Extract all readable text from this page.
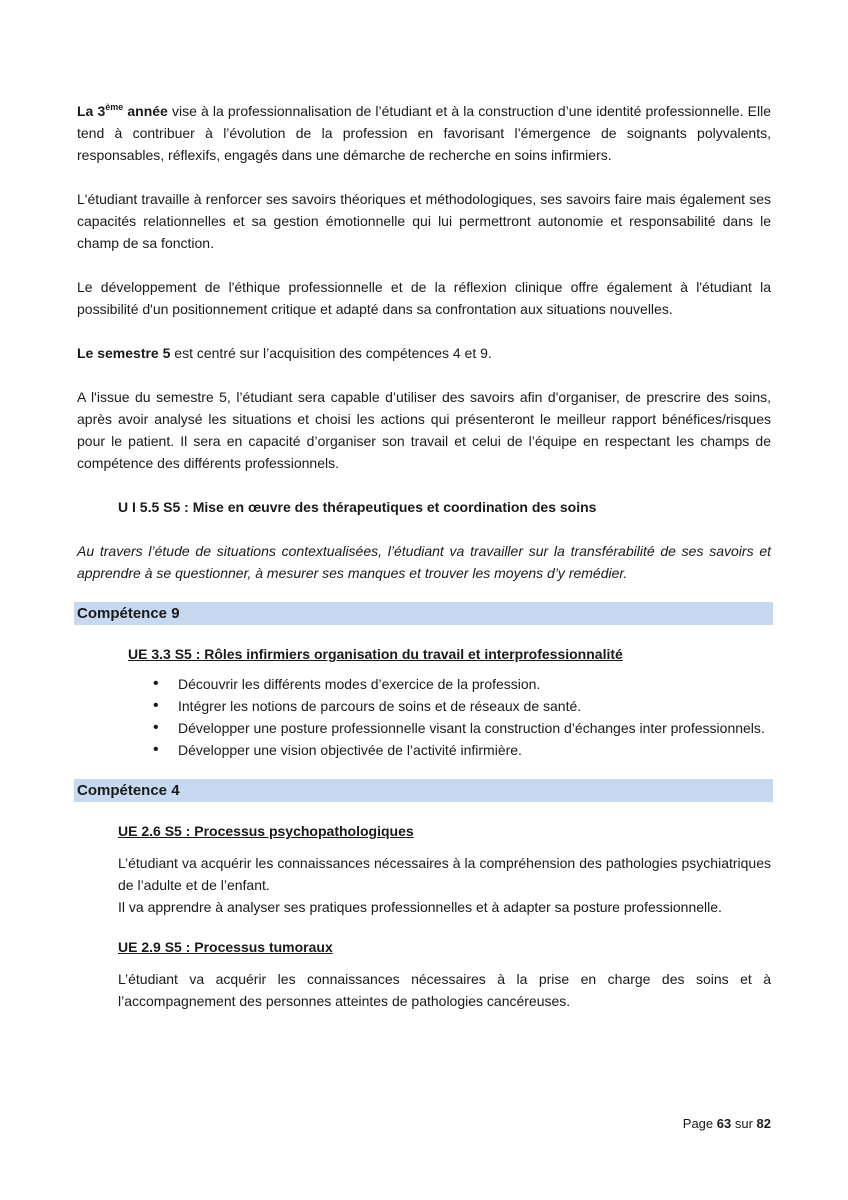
La 3ème année vise à la professionnalisation de l’étudiant et à la construction d’une identité professionnelle. Elle tend à contribuer à l’évolution de la profession en favorisant l’émergence de soignants polyvalents, responsables, réflexifs, engagés dans une démarche de recherche en soins infirmiers.

L'étudiant travaille à renforcer ses savoirs théoriques et méthodologiques, ses savoirs faire mais également ses capacités relationnelles et sa gestion émotionnelle qui lui permettront autonomie et responsabilité dans le champ de sa fonction.

Le développement de l'éthique professionnelle et de la réflexion clinique offre également à l'étudiant la possibilité d'un positionnement critique et adapté dans sa confrontation aux situations nouvelles.

Le semestre 5 est centré sur l’acquisition des compétences 4 et 9.

A l'issue du semestre 5, l’étudiant sera capable d’utiliser des savoirs afin d'organiser, de prescrire des soins, après avoir analysé les situations et choisi les actions qui présenteront le meilleur rapport bénéfices/risques pour le patient. Il sera en capacité d’organiser son travail et celui de l’équipe en respectant les champs de compétence des différents professionnels.

U I 5.5 S5 : Mise en œuvre des thérapeutiques et coordination des soins

Au travers l’étude de situations contextualisées, l’étudiant va travailler sur la transférabilité de ses savoirs et apprendre à se questionner, à mesurer ses manques et trouver les moyens d’y remédier.

Compétence 9
UE 3.3 S5 : Rôles infirmiers organisation du travail et interprofessionnalité
• Découvrir les différents modes d’exercice de la profession.
• Intégrer les notions de parcours de soins et de réseaux de santé.
• Développer une posture professionnelle visant la construction d’échanges inter professionnels.
• Développer une vision objectivée de l’activité infirmière.
Compétence 4
UE 2.6 S5 : Processus psychopathologiques

L’étudiant va acquérir les connaissances nécessaires à la compréhension des pathologies psychiatriques de l’adulte et de l’enfant.

Il va apprendre à analyser ses pratiques professionnelles et à adapter sa posture professionnelle.

UE 2.9 S5 : Processus tumoraux

L’étudiant va acquérir les connaissances nécessaires à la prise en charge des soins et à l’accompagnement des personnes atteintes de pathologies cancéreuses.

Page 63 sur 82
